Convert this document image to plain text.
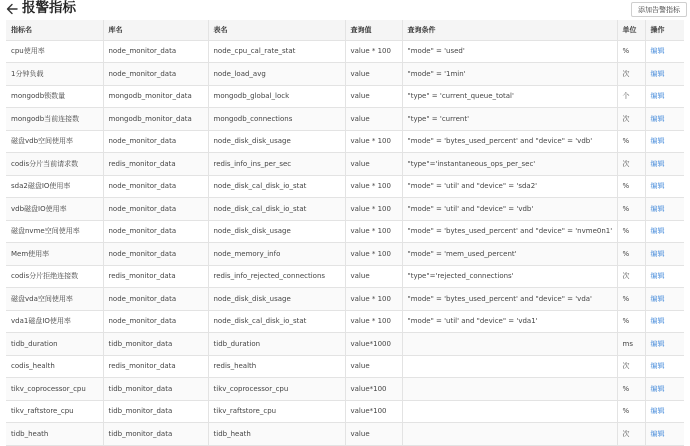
报警指标	添加告警指标
指标名	库名	表名	查询值	查询条件	单位	操作
cpu使用率	node_monitor_data	node_cpu_cal_rate_stat	value * 100	"mode" = 'used'	%	编辑
1分钟负载	node_monitor_data	node_load_avg	value	"mode" = '1min'	次	编辑
mongodb锁数量	mongodb_monitor_data	mongodb_global_lock	value	"type" = 'current_queue_total'	个	编辑
mongodb当前连接数	mongodb_monitor_data	mongodb_connections	value	"type" = 'current'	次	编辑
磁盘vdb空间使用率	node_monitor_data	node_disk_disk_usage	value * 100	"mode" = 'bytes_used_percent' and "device" = 'vdb'	%	编辑
codis分片当前请求数	redis_monitor_data	redis_info_ins_per_sec	value	"type"='instantaneous_ops_per_sec'	次	编辑
sda2磁盘IO使用率	node_monitor_data	node_disk_cal_disk_io_stat	value * 100	"mode" = 'util' and "device" = 'sda2'	%	编辑
vdb磁盘IO使用率	node_monitor_data	node_disk_cal_disk_io_stat	value * 100	"mode" = 'util' and "device" = 'vdb'	%	编辑
磁盘nvme空间使用率	node_monitor_data	node_disk_disk_usage	value * 100	"mode" = 'bytes_used_percent' and "device" = 'nvme0n1'	%	编辑
Mem使用率	node_monitor_data	node_memory_info	value * 100	"mode" = 'mem_used_percent'	%	编辑
codis分片拒绝连接数	redis_monitor_data	redis_info_rejected_connections	value	"type"='rejected_connections'	次	编辑
磁盘vda空间使用率	node_monitor_data	node_disk_disk_usage	value * 100	"mode" = 'bytes_used_percent' and "device" = 'vda'	%	编辑
vda1磁盘IO使用率	node_monitor_data	node_disk_cal_disk_io_stat	value * 100	"mode" = 'util' and "device" = 'vda1'	%	编辑
tidb_duration	tidb_monitor_data	tidb_duration	value*1000		ms	编辑
codis_health	redis_monitor_data	redis_health	value		次	编辑
tikv_coprocessor_cpu	tidb_monitor_data	tikv_coprocessor_cpu	value*100		%	编辑
tikv_raftstore_cpu	tidb_monitor_data	tikv_raftstore_cpu	value*100		%	编辑
tidb_heath	tidb_monitor_data	tidb_heath	value		次	编辑
